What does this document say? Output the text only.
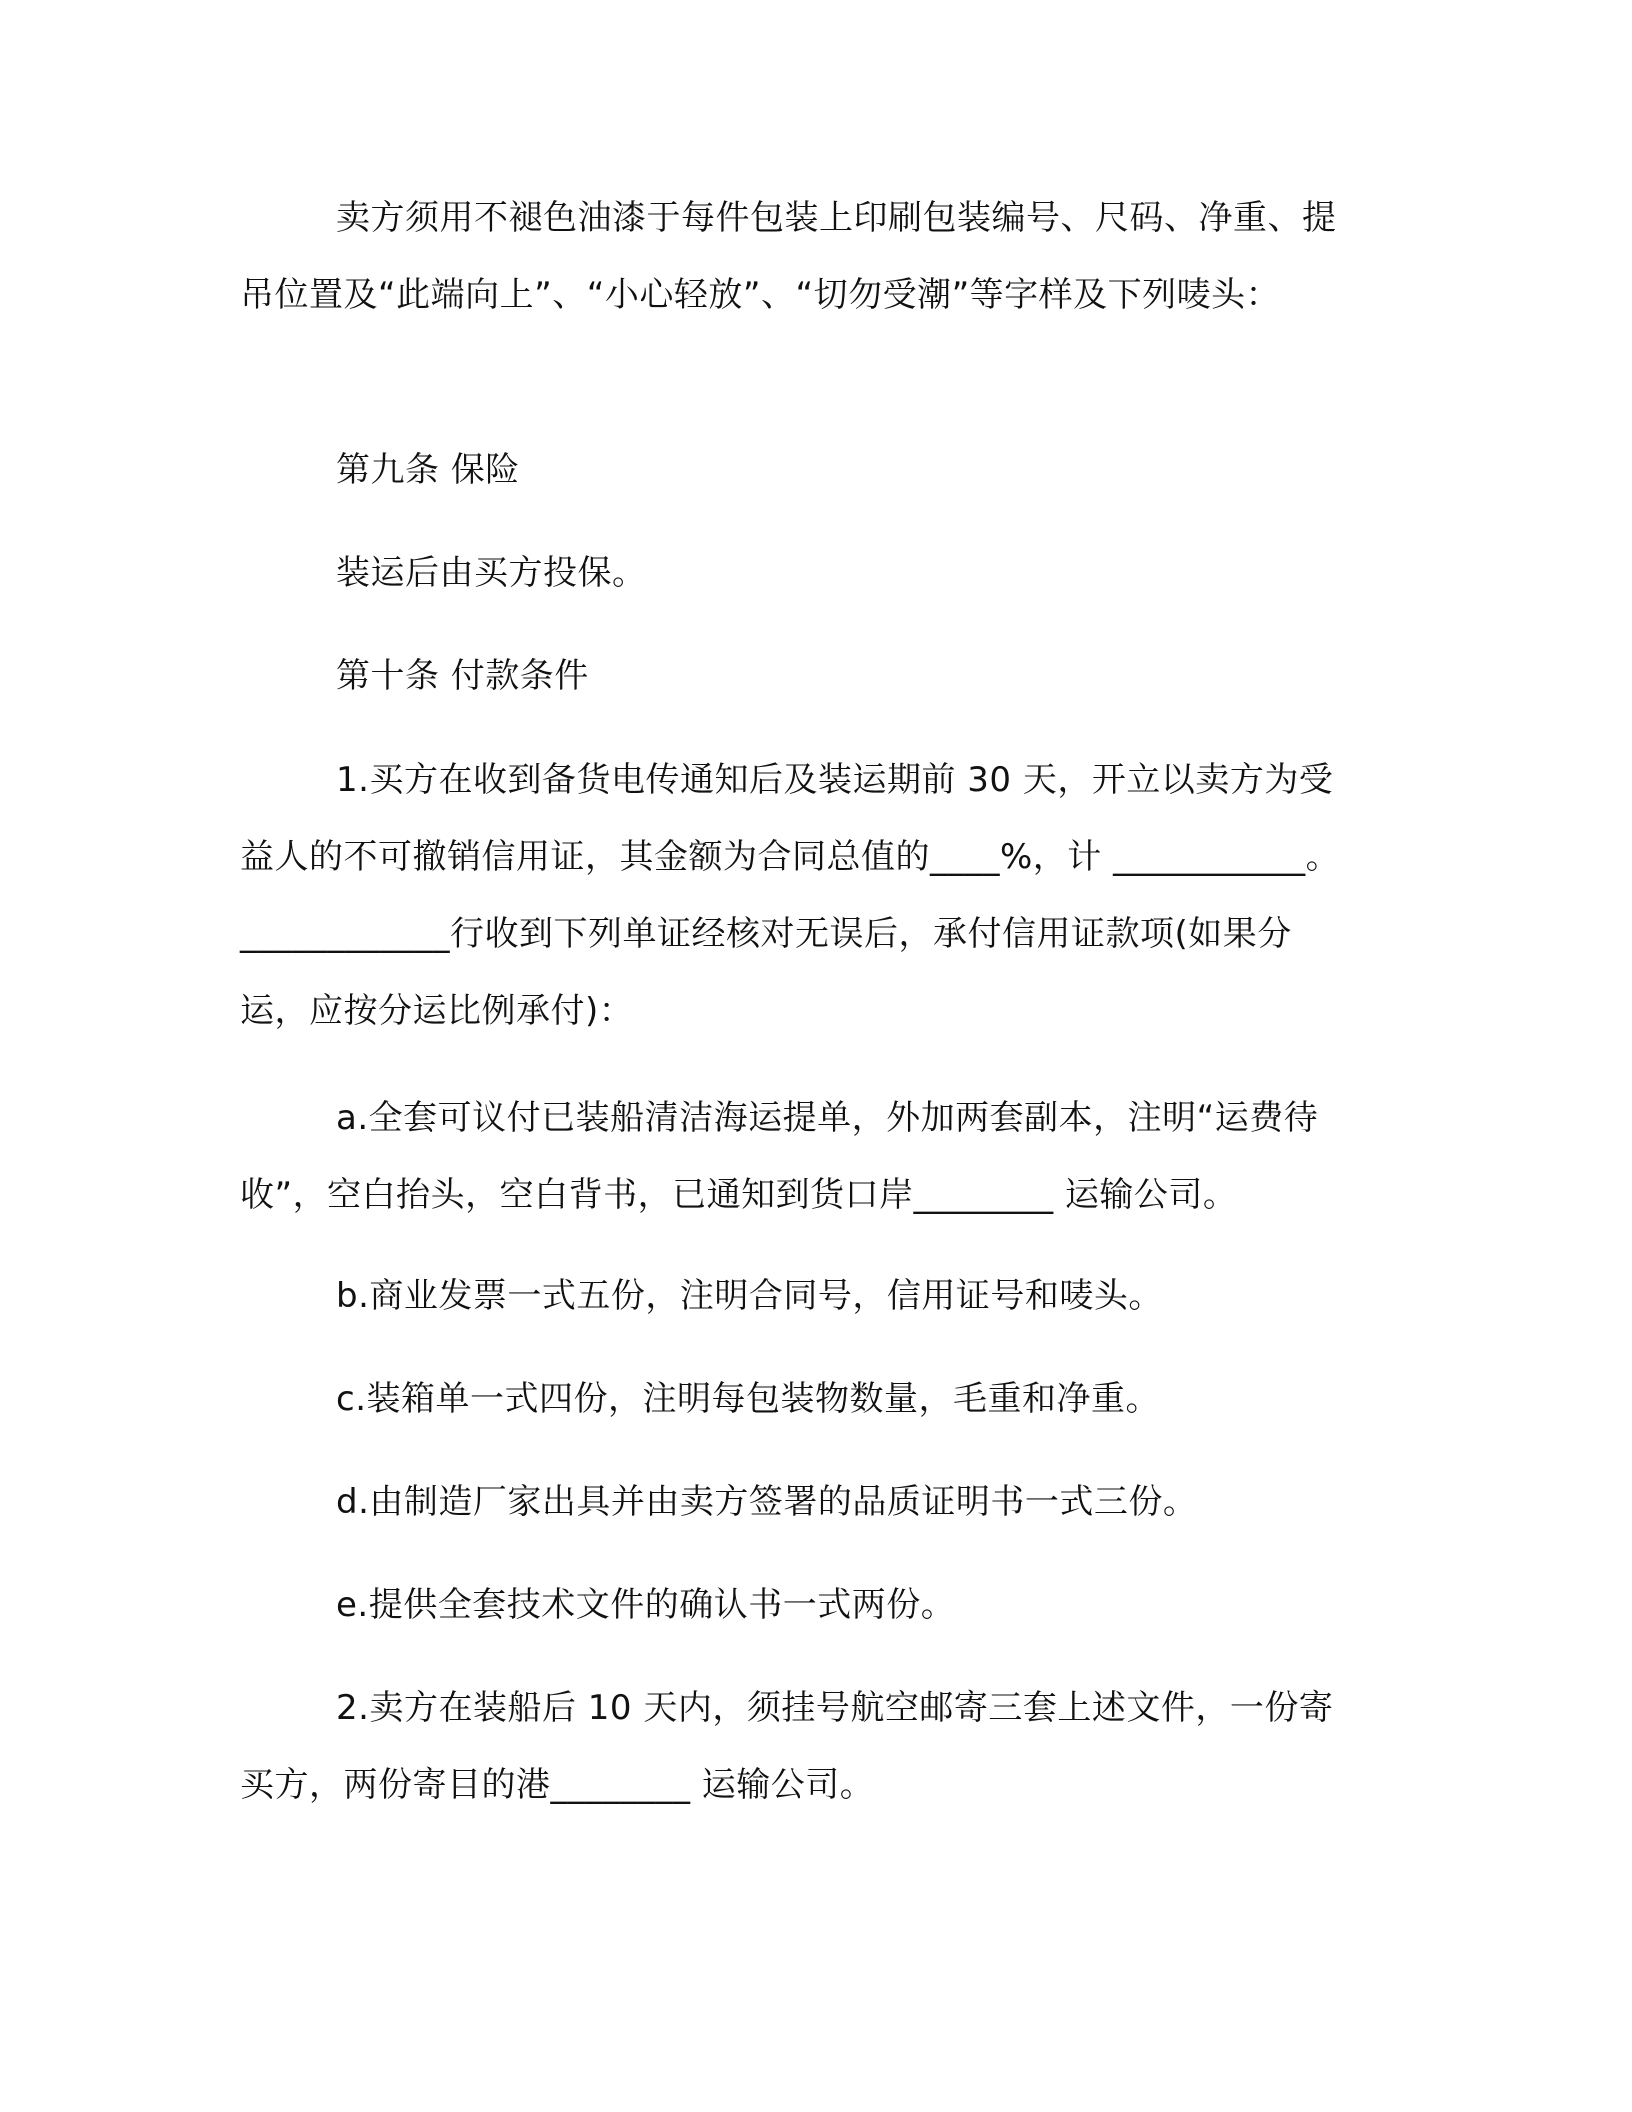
卖方须用不褪色油漆于每件包装上印刷包装编号、尺码、净重、提吊位置及“此端向上”、“小心轻放”、“切勿受潮”等字样及下列唛头：

第九条 保险

装运后由买方投保。

第十条 付款条件

1.买方在收到备货电传通知后及装运期前 30 天，开立以卖方为受益人的不可撤销信用证，其金额为合同总值的____%，计 ___________。 ____________行收到下列单证经核对无误后，承付信用证款项(如果分运，应按分运比例承付)：

a.全套可议付已装船清洁海运提单，外加两套副本，注明“运费待收”，空白抬头，空白背书，已通知到货口岸________ 运输公司。

b.商业发票一式五份，注明合同号，信用证号和唛头。

c.装箱单一式四份，注明每包装物数量，毛重和净重。

d.由制造厂家出具并由卖方签署的品质证明书一式三份。

e.提供全套技术文件的确认书一式两份。

2.卖方在装船后 10 天内，须挂号航空邮寄三套上述文件，一份寄买方，两份寄目的港________ 运输公司。
